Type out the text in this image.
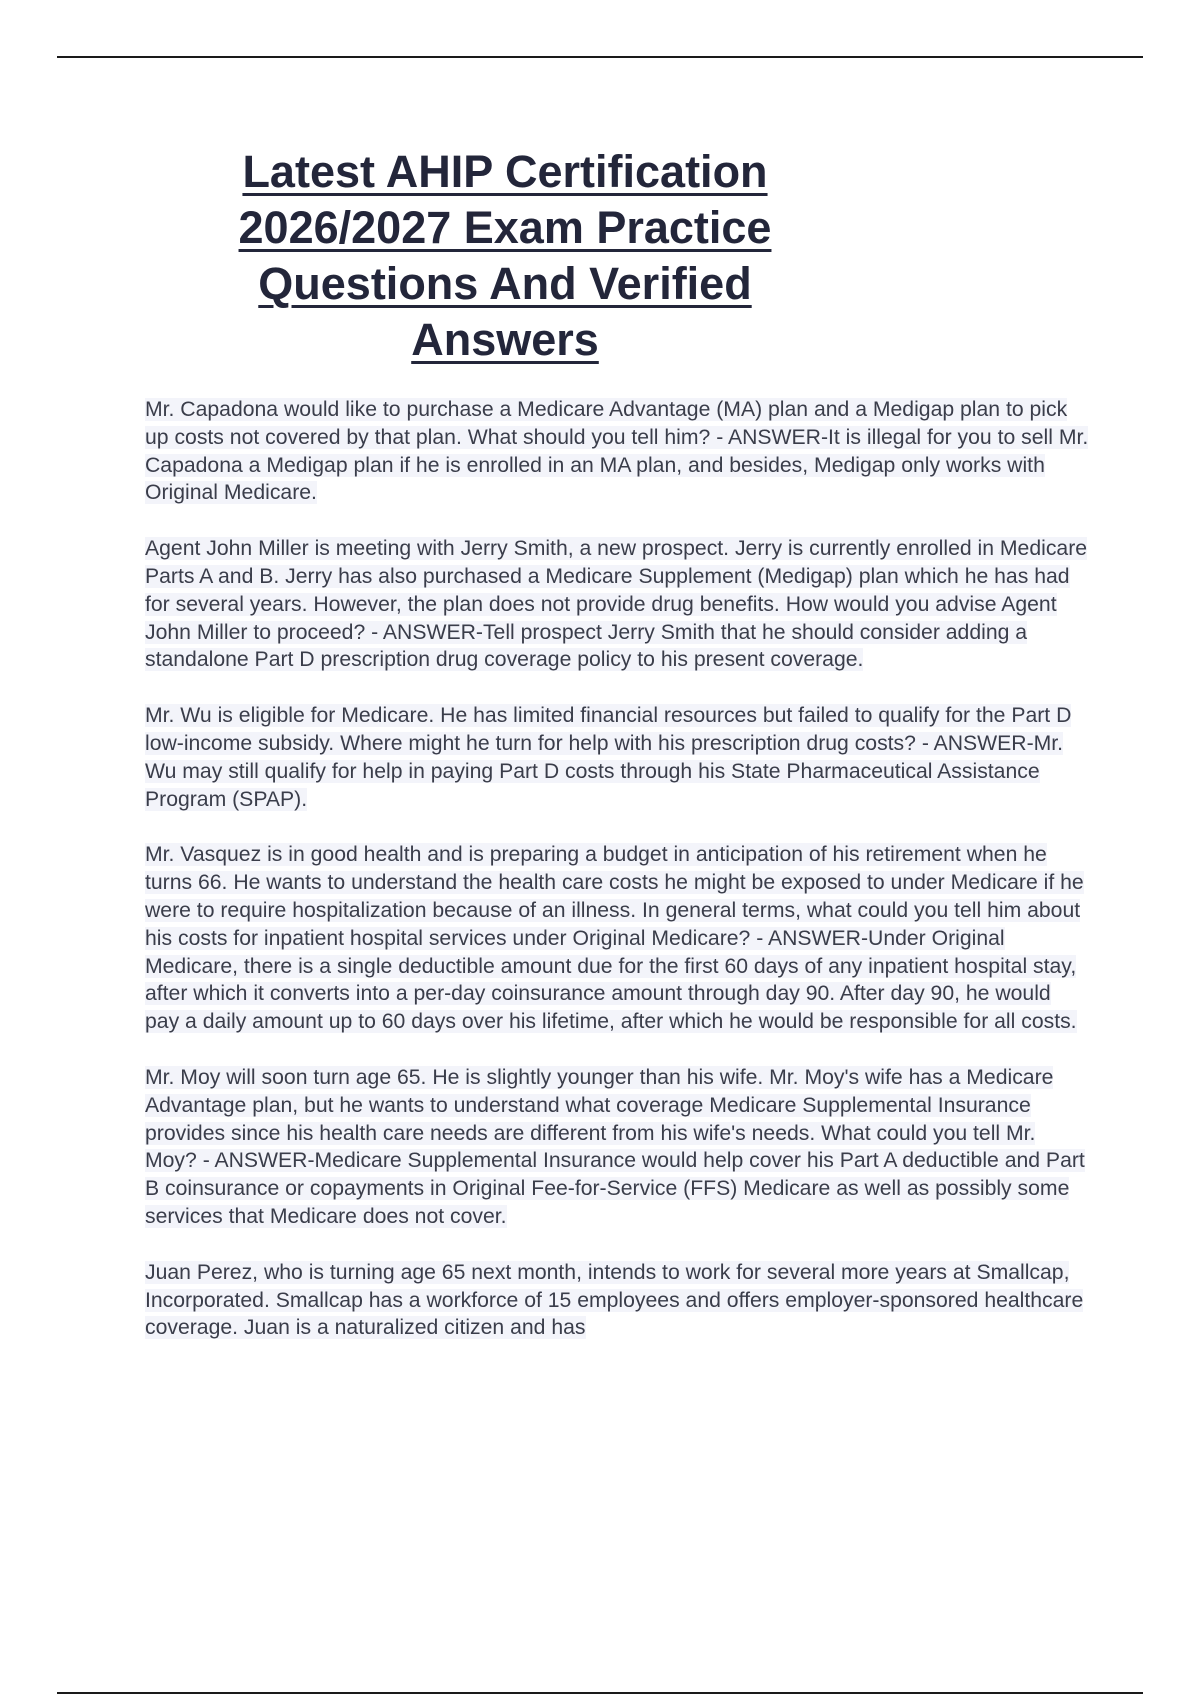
Latest AHIP Certification 2026/2027 Exam Practice Questions And Verified Answers

Mr. Capadona would like to purchase a Medicare Advantage (MA) plan and a Medigap plan to pick up costs not covered by that plan. What should you tell him? - ANSWER-It is illegal for you to sell Mr. Capadona a Medigap plan if he is enrolled in an MA plan, and besides, Medigap only works with Original Medicare.

Agent John Miller is meeting with Jerry Smith, a new prospect. Jerry is currently enrolled in Medicare Parts A and B. Jerry has also purchased a Medicare Supplement (Medigap) plan which he has had for several years. However, the plan does not provide drug benefits. How would you advise Agent John Miller to proceed? - ANSWER-Tell prospect Jerry Smith that he should consider adding a standalone Part D prescription drug coverage policy to his present coverage.

Mr. Wu is eligible for Medicare. He has limited financial resources but failed to qualify for the Part D low-income subsidy. Where might he turn for help with his prescription drug costs? - ANSWER-Mr. Wu may still qualify for help in paying Part D costs through his State Pharmaceutical Assistance Program (SPAP).

Mr. Vasquez is in good health and is preparing a budget in anticipation of his retirement when he turns 66. He wants to understand the health care costs he might be exposed to under Medicare if he were to require hospitalization because of an illness. In general terms, what could you tell him about his costs for inpatient hospital services under Original Medicare? - ANSWER-Under Original Medicare, there is a single deductible amount due for the first 60 days of any inpatient hospital stay, after which it converts into a per-day coinsurance amount through day 90. After day 90, he would pay a daily amount up to 60 days over his lifetime, after which he would be responsible for all costs.

Mr. Moy will soon turn age 65. He is slightly younger than his wife. Mr. Moy's wife has a Medicare Advantage plan, but he wants to understand what coverage Medicare Supplemental Insurance provides since his health care needs are different from his wife's needs. What could you tell Mr. Moy? - ANSWER-Medicare Supplemental Insurance would help cover his Part A deductible and Part B coinsurance or copayments in Original Fee-for-Service (FFS) Medicare as well as possibly some services that Medicare does not cover.

Juan Perez, who is turning age 65 next month, intends to work for several more years at Smallcap, Incorporated. Smallcap has a workforce of 15 employees and offers employer-sponsored healthcare coverage. Juan is a naturalized citizen and has
